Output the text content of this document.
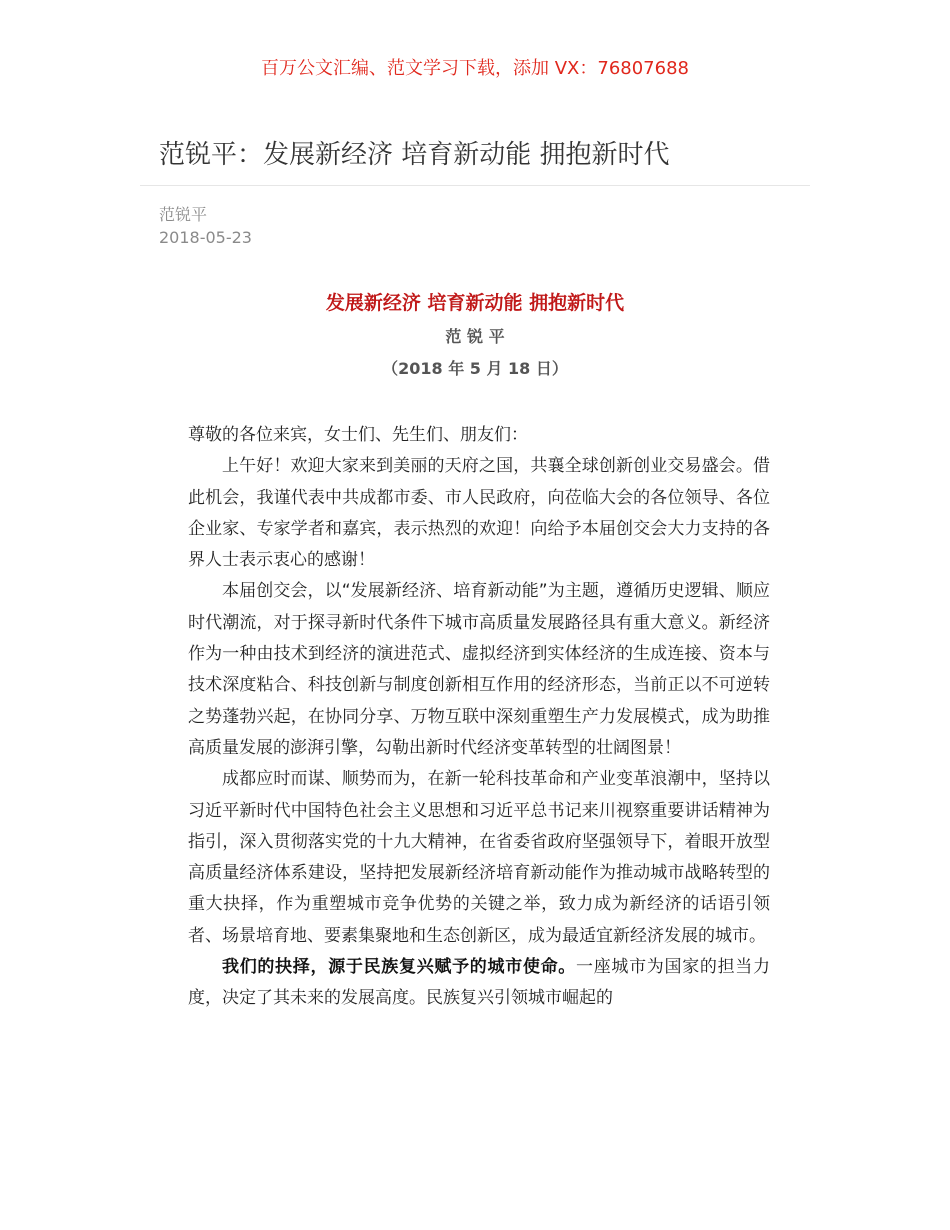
百万公文汇编、范文学习下载，添加 VX：76807688
范锐平：发展新经济 培育新动能 拥抱新时代
范锐平
2018-05-23
发展新经济 培育新动能 拥抱新时代
范 锐 平
（2018 年 5 月 18 日）

尊敬的各位来宾，女士们、先生们、朋友们：

上午好！欢迎大家来到美丽的天府之国，共襄全球创新创业交易盛会。借此机会，我谨代表中共成都市委、市人民政府，向莅临大会的各位领导、各位企业家、专家学者和嘉宾，表示热烈的欢迎！向给予本届创交会大力支持的各界人士表示衷心的感谢！

本届创交会，以“发展新经济、培育新动能”为主题，遵循历史逻辑、顺应时代潮流，对于探寻新时代条件下城市高质量发展路径具有重大意义。新经济作为一种由技术到经济的演进范式、虚拟经济到实体经济的生成连接、资本与技术深度粘合、科技创新与制度创新相互作用的经济形态，当前正以不可逆转之势蓬勃兴起，在协同分享、万物互联中深刻重塑生产力发展模式，成为助推高质量发展的澎湃引擎，勾勒出新时代经济变革转型的壮阔图景！

成都应时而谋、顺势而为，在新一轮科技革命和产业变革浪潮中，坚持以习近平新时代中国特色社会主义思想和习近平总书记来川视察重要讲话精神为指引，深入贯彻落实党的十九大精神，在省委省政府坚强领导下，着眼开放型高质量经济体系建设，坚持把发展新经济培育新动能作为推动城市战略转型的重大抉择，作为重塑城市竞争优势的关键之举，致力成为新经济的话语引领者、场景培育地、要素集聚地和生态创新区，成为最适宜新经济发展的城市。

我们的抉择，源于民族复兴赋予的城市使命。一座城市为国家的担当力度，决定了其未来的发展高度。民族复兴引领城市崛起的
